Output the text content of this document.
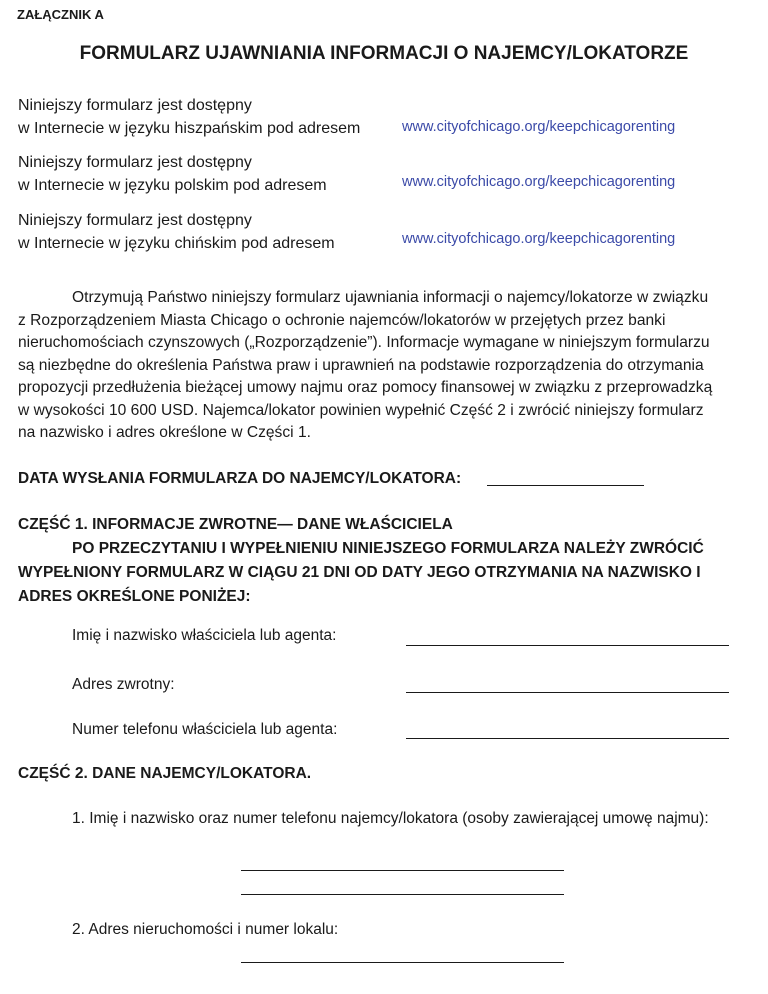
ZAŁĄCZNIK A
FORMULARZ UJAWNIANIA INFORMACJI O NAJEMCY/LOKATORZE
Niniejszy formularz jest dostępny
w Internecie w języku hiszpańskim pod adresem	www.cityofchicago.org/keepchicagorenting
Niniejszy formularz jest dostępny
w Internecie w języku polskim pod adresem	www.cityofchicago.org/keepchicagorenting
Niniejszy formularz jest dostępny
w Internecie w języku chińskim pod adresem	www.cityofchicago.org/keepchicagorenting
Otrzymują Państwo niniejszy formularz ujawniania informacji o najemcy/lokatorze w związku z Rozporządzeniem Miasta Chicago o ochronie najemców/lokatorów w przejętych przez banki nieruchomościach czynszowych („Rozporządzenie”). Informacje wymagane w niniejszym formularzu są niezbędne do określenia Państwa praw i uprawnień na podstawie rozporządzenia do otrzymania propozycji przedłużenia bieżącej umowy najmu oraz pomocy finansowej w związku z przeprowadzką w wysokości 10 600 USD. Najemca/lokator powinien wypełnić Część 2 i zwrócić niniejszy formularz na nazwisko i adres określone w Części 1.
DATA WYSŁANIA FORMULARZA DO NAJEMCY/LOKATORA:
CZĘŚĆ 1. INFORMACJE ZWROTNE— DANE WŁAŚCICIELA
PO PRZECZYTANIU I WYPEŁNIENIU NINIEJSZEGO FORMULARZA NALEŻY ZWRÓCIĆ
WYPEŁNIONY FORMULARZ W CIĄGU 21 DNI OD DATY JEGO OTRZYMANIA NA NAZWISKO I ADRES OKREŚLONE PONIŻEJ:
Imię i nazwisko właściciela lub agenta:
Adres zwrotny:
Numer telefonu właściciela lub agenta:
CZĘŚĆ 2. DANE NAJEMCY/LOKATORA.
1. Imię i nazwisko oraz numer telefonu najemcy/lokatora (osoby zawierającej umowę najmu):
2. Adres nieruchomości i numer lokalu:
